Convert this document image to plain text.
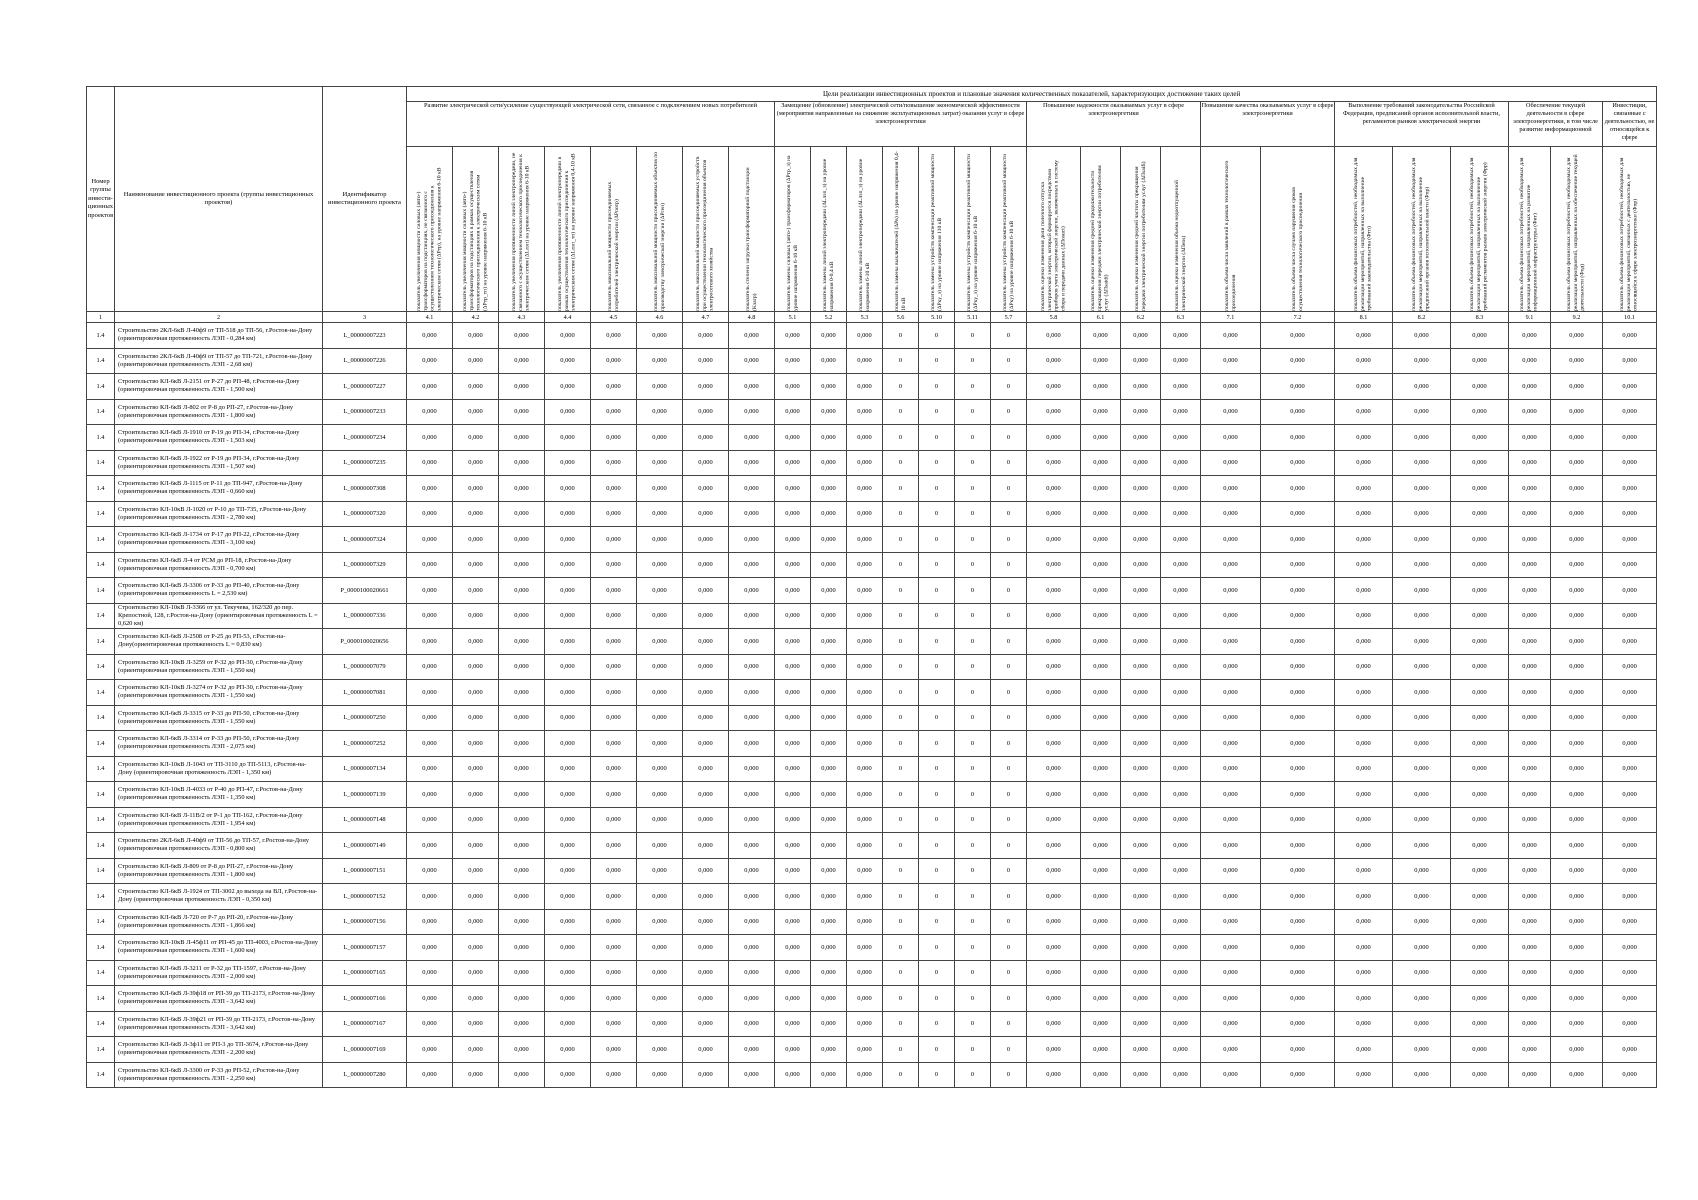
Номер группы инвести-ционных проектов	Наименование инвестиционного проекта (группы инвестиционных проектов)	Идентификатор инвестиционного проекта	Цели реализации инвестиционных проектов и плановые значения количественных показателей, характеризующих достижение таких целей																										
			Развитие электрической сети/усиление существующей электрической сети, связанное с подключением новых потребителей								Замещение (обновление) электрической сети/повышение экономической эффективности (мероприятия направленные на снижение эксплуатационных затрат) оказания услуг в сфере электроэнергетики							Повышение надежности оказываемых услуг в сфере электроэнергетики				Повышение качества оказываемых услуг в сфере электроэнергетики		Выполнение требований законодательства Российской Федерации, предписаний органов исполнительной власти, регламентов рынков электрической энергии			Обеспечение текущей деятельности в сфере электроэнергетики, в том числе развитие информационной		Инвестиции, связанные с деятельностью, не относящейся к сфере

			показатель увеличения мощности силовых (авто-) трансформаторов на подстанциях, не связанного с осуществлением технологического присоединения к электрическим сетям (ΔPтр), на уровне напряжения 6-10 кВ	показатель увеличения мощности силовых (авто-) трансформаторов на подстанциях в рамках осуществления технологического присоединения к электрическим сетям (ΔPтр_тп) на уровне напряжения 6-10 кВ	показатель увеличения протяженности линий электропередачи, не связанного с осуществлением технологического присоединения к электрическим сетям (ΔLлэп) на уровне напряжения 6-10 кВ	показатель увеличения протяженности линий электропередачи в рамках осуществления технологического присоединения к электрическим сетям (ΔLлэп_тп) на уровне напряжения 0,4-10 кВ	показатель максимальной мощности присоединяемых потребителей электрической энергии (ΔPпотр)	показатель максимальной мощности присоединяемых объектов по производству электрической энергии (ΔPген)	показатель максимальной мощности присоединяемых устройств при осуществлении технологического присоединения объектов электросетевого хозяйства	показатель степени загрузки трансформаторной подстанции (Kзагр)	показатель замены силовых (авто-) трансформаторов (ΔPтр_з) на уровне напряжения 6-10 кВ	показатель замены линий электропередачи (ΔLлэп_з) на уровне напряжения 0-0,4 кВ	показатель замены линий электропередачи (ΔLлэп_з) на уровне напряжения 6-10 кВ	показатель замены выключателей (ΔPв) на уровне напряжения 0,4-10 кВ	показатель замены устройств компенсации реактивной мощности (ΔPку_з) на уровне напряжения 110 кВ	показатель замены устройств компенсации реактивной мощности (ΔPку_з) на уровне напряжения 6-10 кВ	показатель замены устройств компенсации реактивной мощности (ΔPку) на уровне напряжения 6-10 кВ	показатель оценки изменения доли полезного отпуска электрической энергии, который формируется посредством приборов учета электрической энергии, включенных в систему сбора и передачи данных (ΔПоsuct)	показатель оценки изменения средней продолжительности прекращения передачи электрической энергии потребителям услуг (ΔПsaidi)	показатель оценки изменения средней частоты прекращения передачи электрической энергии потребителям услуг (ΔПsaifi)	показатель оценки изменения объема недоотпущенной электрической энергии (ΔПens)	показатель объема числа заявлений в рамках технологического присоединения	показатель объема числа случаев нарушения сроков осуществления технологического присоединения	показатель объема финансовых потребностей, необходимых для реализации мероприятий, направленных на выполнение требований законодательства (Фтп)	показатель объема финансовых потребностей, необходимых для реализации мероприятий, направленных на выполнение предписаний органов исполнительной власти (Фпр)	показатель объема финансовых потребностей, необходимых для реализации мероприятий, направленных на выполнение требований регламентов рынков электрической энергии (Фрр)	показатель объема финансовых потребностей, необходимых для реализации мероприятий, направленных на развитие информационной инфраструктуры (Фит)	показатель объема финансовых потребностей, необходимых для реализации мероприятий, направленных на обеспечение текущей деятельности (Фод)	показатель объема финансовых потребностей, необходимых для реализации мероприятий, связанных с деятельностью, не относящейся к сфере электроэнергетики (Фпр)

1	2	3	4.1	4.2	4.3	4.4	4.5	4.6	4.7	4.8	5.1	5.2	5.3	5.6	5.10	5.11	5.7	5.8	6.1	6.2	6.3	7.1	7.2	8.1	8.2	8.3	9.1	9.2	10.1
1.4	Строительство 2КЛ-6кВ Л-40ф9 от ТП-518 до ТП-56, г.Ростов-на-Дону (ориентировочная протяженность ЛЭП - 0,284 км)	L_00000007223	0,000	0,000	0,000	0,000	0,000	0,000	0,000	0,000	0,000	0,000	0,000	0	0	0	0	0,000	0,000	0,000	0,000	0,000	0,000	0,000	0,000	0,000	0,000	0,000	0,000
1.4	Строительство 2КЛ-6кВ Л-40ф9 от ТП-57 до ТП-721, г.Ростов-на-Дону (ориентировочная протяженность ЛЭП - 2,68 км)	L_00000007226	0,000	0,000	0,000	0,000	0,000	0,000	0,000	0,000	0,000	0,000	0,000	0	0	0	0	0,000	0,000	0,000	0,000	0,000	0,000	0,000	0,000	0,000	0,000	0,000	0,000
1.4	Строительство КЛ-6кВ Л-2151 от Р-27 до РП-48, г.Ростов-на-Дону (ориентировочная протяженность ЛЭП - 1,500 км)	L_00000007227	0,000	0,000	0,000	0,000	0,000	0,000	0,000	0,000	0,000	0,000	0,000	0	0	0	0	0,000	0,000	0,000	0,000	0,000	0,000	0,000	0,000	0,000	0,000	0,000	0,000
1.4	Строительство КЛ-6кВ Л-802 от Р-8 до РП-27, г.Ростов-на-Дону (ориентировочная протяженность ЛЭП - 1,800 км)	L_00000007233	0,000	0,000	0,000	0,000	0,000	0,000	0,000	0,000	0,000	0,000	0,000	0	0	0	0	0,000	0,000	0,000	0,000	0,000	0,000	0,000	0,000	0,000	0,000	0,000	0,000
1.4	Строительство КЛ-6кВ Л-1910 от Р-19 до РП-34, г.Ростов-на-Дону (ориентировочная протяженность ЛЭП - 1,503 км)	L_00000007234	0,000	0,000	0,000	0,000	0,000	0,000	0,000	0,000	0,000	0,000	0,000	0	0	0	0	0,000	0,000	0,000	0,000	0,000	0,000	0,000	0,000	0,000	0,000	0,000	0,000
1.4	Строительство КЛ-6кВ Л-1922 от Р-19 до РП-34, г.Ростов-на-Дону (ориентировочная протяженность ЛЭП - 1,507 км)	L_00000007235	0,000	0,000	0,000	0,000	0,000	0,000	0,000	0,000	0,000	0,000	0,000	0	0	0	0	0,000	0,000	0,000	0,000	0,000	0,000	0,000	0,000	0,000	0,000	0,000	0,000
1.4	Строительство КЛ-6кВ Л-1115 от Р-11 до ТП-947, г.Ростов-на-Дону (ориентировочная протяженность ЛЭП - 0,660 км)	L_00000007308	0,000	0,000	0,000	0,000	0,000	0,000	0,000	0,000	0,000	0,000	0,000	0	0	0	0	0,000	0,000	0,000	0,000	0,000	0,000	0,000	0,000	0,000	0,000	0,000	0,000
1.4	Строительство КЛ-10кВ Л-1020 от Р-10 до ТП-735, г.Ростов-на-Дону (ориентировочная протяженность ЛЭП - 2,780 км)	L_00000007320	0,000	0,000	0,000	0,000	0,000	0,000	0,000	0,000	0,000	0,000	0,000	0	0	0	0	0,000	0,000	0,000	0,000	0,000	0,000	0,000	0,000	0,000	0,000	0,000	0,000
1.4	Строительство КЛ-6кВ Л-1734 от Р-17 до РП-22, г.Ростов-на-Дону (ориентировочная протяженность ЛЭП - 3,100 км)	L_00000007324	0,000	0,000	0,000	0,000	0,000	0,000	0,000	0,000	0,000	0,000	0,000	0	0	0	0	0,000	0,000	0,000	0,000	0,000	0,000	0,000	0,000	0,000	0,000	0,000	0,000
1.4	Строительство КЛ-6кВ Л-4 от РСМ до РП-18, г.Ростов-на-Дону (ориентировочная протяженность ЛЭП - 0,700 км)	L_00000007329	0,000	0,000	0,000	0,000	0,000	0,000	0,000	0,000	0,000	0,000	0,000	0	0	0	0	0,000	0,000	0,000	0,000	0,000	0,000	0,000	0,000	0,000	0,000	0,000	0,000
1.4	Строительство КЛ-6кВ Л-3306 от Р-33 до РП-40, г.Ростов-на-Дону (ориентировочная протяженность L = 2,530 км)	P_0000100020661	0,000	0,000	0,000	0,000	0,000	0,000	0,000	0,000	0,000	0,000	0,000	0	0	0	0	0,000	0,000	0,000	0,000	0,000	0,000	0,000	0,000	0,000	0,000	0,000	0,000
1.4	Строительство КЛ-10кВ Л-3366 от ул. Текучева, 162/320 до пер. Крепостной, 128, г.Ростов-на-Дону (ориентировочная протяженность L = 0,620 км)	L_00000007336	0,000	0,000	0,000	0,000	0,000	0,000	0,000	0,000	0,000	0,000	0,000	0	0	0	0	0,000	0,000	0,000	0,000	0,000	0,000	0,000	0,000	0,000	0,000	0,000	0,000
1.4	Строительство КЛ-6кВ Л-2508 от Р-25 до РП-53, г.Ростов-на-Дону(ориентировочная протяженность L = 0,830 км)	P_0000100020656	0,000	0,000	0,000	0,000	0,000	0,000	0,000	0,000	0,000	0,000	0,000	0	0	0	0	0,000	0,000	0,000	0,000	0,000	0,000	0,000	0,000	0,000	0,000	0,000	0,000
1.4	Строительство КЛ-10кВ Л-3259 от Р-32 до РП-30, г.Ростов-на-Дону (ориентировочная протяженность ЛЭП - 1,550 км)	L_00000007079	0,000	0,000	0,000	0,000	0,000	0,000	0,000	0,000	0,000	0,000	0,000	0	0	0	0	0,000	0,000	0,000	0,000	0,000	0,000	0,000	0,000	0,000	0,000	0,000	0,000
1.4	Строительство КЛ-10кВ Л-3274 от Р-32 до РП-30, г.Ростов-на-Дону (ориентировочная протяженность ЛЭП - 1,550 км)	L_00000007081	0,000	0,000	0,000	0,000	0,000	0,000	0,000	0,000	0,000	0,000	0,000	0	0	0	0	0,000	0,000	0,000	0,000	0,000	0,000	0,000	0,000	0,000	0,000	0,000	0,000
1.4	Строительство КЛ-6кВ Л-3315 от Р-33 до РП-50, г.Ростов-на-Дону (ориентировочная протяженность ЛЭП - 1,550 км)	L_00000007250	0,000	0,000	0,000	0,000	0,000	0,000	0,000	0,000	0,000	0,000	0,000	0	0	0	0	0,000	0,000	0,000	0,000	0,000	0,000	0,000	0,000	0,000	0,000	0,000	0,000
1.4	Строительство КЛ-6кВ Л-3314 от Р-33 до РП-50, г.Ростов-на-Дону (ориентировочная протяженность ЛЭП - 2,075 км)	L_00000007252	0,000	0,000	0,000	0,000	0,000	0,000	0,000	0,000	0,000	0,000	0,000	0	0	0	0	0,000	0,000	0,000	0,000	0,000	0,000	0,000	0,000	0,000	0,000	0,000	0,000
1.4	Строительство КЛ-10кВ Л-1043 от ТП-3110 до ТП-5113, г.Ростов-на-Дону (ориентировочная протяженность ЛЭП - 1,350 км)	L_00000007134	0,000	0,000	0,000	0,000	0,000	0,000	0,000	0,000	0,000	0,000	0,000	0	0	0	0	0,000	0,000	0,000	0,000	0,000	0,000	0,000	0,000	0,000	0,000	0,000	0,000
1.4	Строительство КЛ-10кВ Л-4033 от Р-40 до РП-47, г.Ростов-на-Дону (ориентировочная протяженность ЛЭП - 1,350 км)	L_00000007139	0,000	0,000	0,000	0,000	0,000	0,000	0,000	0,000	0,000	0,000	0,000	0	0	0	0	0,000	0,000	0,000	0,000	0,000	0,000	0,000	0,000	0,000	0,000	0,000	0,000
1.4	Строительство КЛ-6кВ Л-11В/2 от Р-1 до ТП-162, г.Ростов-на-Дону (ориентировочная протяженность ЛЭП - 1,954 км)	L_00000007148	0,000	0,000	0,000	0,000	0,000	0,000	0,000	0,000	0,000	0,000	0,000	0	0	0	0	0,000	0,000	0,000	0,000	0,000	0,000	0,000	0,000	0,000	0,000	0,000	0,000
1.4	Строительство 2КЛ-6кВ Л-40ф9 от ТП-56 до ТП-57, г.Ростов-на-Дону (ориентировочная протяженность ЛЭП - 0,800 км)	L_00000007149	0,000	0,000	0,000	0,000	0,000	0,000	0,000	0,000	0,000	0,000	0,000	0	0	0	0	0,000	0,000	0,000	0,000	0,000	0,000	0,000	0,000	0,000	0,000	0,000	0,000
1.4	Строительство КЛ-6кВ Л-809 от Р-8 до РП-27, г.Ростов-на-Дону (ориентировочная протяженность ЛЭП - 1,800 км)	L_00000007151	0,000	0,000	0,000	0,000	0,000	0,000	0,000	0,000	0,000	0,000	0,000	0	0	0	0	0,000	0,000	0,000	0,000	0,000	0,000	0,000	0,000	0,000	0,000	0,000	0,000
1.4	Строительство КЛ-6кВ Л-1924 от ТП-3002 до выхода на ВЛ, г.Ростов-на-Дону (ориентировочная протяженность ЛЭП - 0,350 км)	L_00000007152	0,000	0,000	0,000	0,000	0,000	0,000	0,000	0,000	0,000	0,000	0,000	0	0	0	0	0,000	0,000	0,000	0,000	0,000	0,000	0,000	0,000	0,000	0,000	0,000	0,000
1.4	Строительство КЛ-6кВ Л-720 от Р-7 до РП-20, г.Ростов-на-Дону (ориентировочная протяженность ЛЭП - 1,866 км)	L_00000007156	0,000	0,000	0,000	0,000	0,000	0,000	0,000	0,000	0,000	0,000	0,000	0	0	0	0	0,000	0,000	0,000	0,000	0,000	0,000	0,000	0,000	0,000	0,000	0,000	0,000
1.4	Строительство КЛ-10кВ Л-45ф11 от РП-45 до ТП-4003, г.Ростов-на-Дону (ориентировочная протяженность ЛЭП - 1,600 км)	L_00000007157	0,000	0,000	0,000	0,000	0,000	0,000	0,000	0,000	0,000	0,000	0,000	0	0	0	0	0,000	0,000	0,000	0,000	0,000	0,000	0,000	0,000	0,000	0,000	0,000	0,000
1.4	Строительство КЛ-6кВ Л-3211 от Р-32 до ТП-1597, г.Ростов-на-Дону (ориентировочная протяженность ЛЭП - 2,000 км)	L_00000007165	0,000	0,000	0,000	0,000	0,000	0,000	0,000	0,000	0,000	0,000	0,000	0	0	0	0	0,000	0,000	0,000	0,000	0,000	0,000	0,000	0,000	0,000	0,000	0,000	0,000
1.4	Строительство КЛ-6кВ Л-39ф18 от РП-39 до ТП-2173, г.Ростов-на-Дону (ориентировочная протяженность ЛЭП - 3,642 км)	L_00000007166	0,000	0,000	0,000	0,000	0,000	0,000	0,000	0,000	0,000	0,000	0,000	0	0	0	0	0,000	0,000	0,000	0,000	0,000	0,000	0,000	0,000	0,000	0,000	0,000	0,000
1.4	Строительство КЛ-6кВ Л-39ф21 от РП-39 до ТП-2173, г.Ростов-на-Дону (ориентировочная протяженность ЛЭП - 3,642 км)	L_00000007167	0,000	0,000	0,000	0,000	0,000	0,000	0,000	0,000	0,000	0,000	0,000	0	0	0	0	0,000	0,000	0,000	0,000	0,000	0,000	0,000	0,000	0,000	0,000	0,000	0,000
1.4	Строительство КЛ-6кВ Л-3ф11 от РП-3 до ТП-3674, г.Ростов-на-Дону (ориентировочная протяженность ЛЭП - 2,200 км)	L_00000007169	0,000	0,000	0,000	0,000	0,000	0,000	0,000	0,000	0,000	0,000	0,000	0	0	0	0	0,000	0,000	0,000	0,000	0,000	0,000	0,000	0,000	0,000	0,000	0,000	0,000
1.4	Строительство КЛ-6кВ Л-3300 от Р-33 до РП-52, г.Ростов-на-Дону (ориентировочная протяженность ЛЭП - 2,250 км)	L_00000007280	0,000	0,000	0,000	0,000	0,000	0,000	0,000	0,000	0,000	0,000	0,000	0	0	0	0	0,000	0,000	0,000	0,000	0,000	0,000	0,000	0,000	0,000	0,000	0,000	0,000
